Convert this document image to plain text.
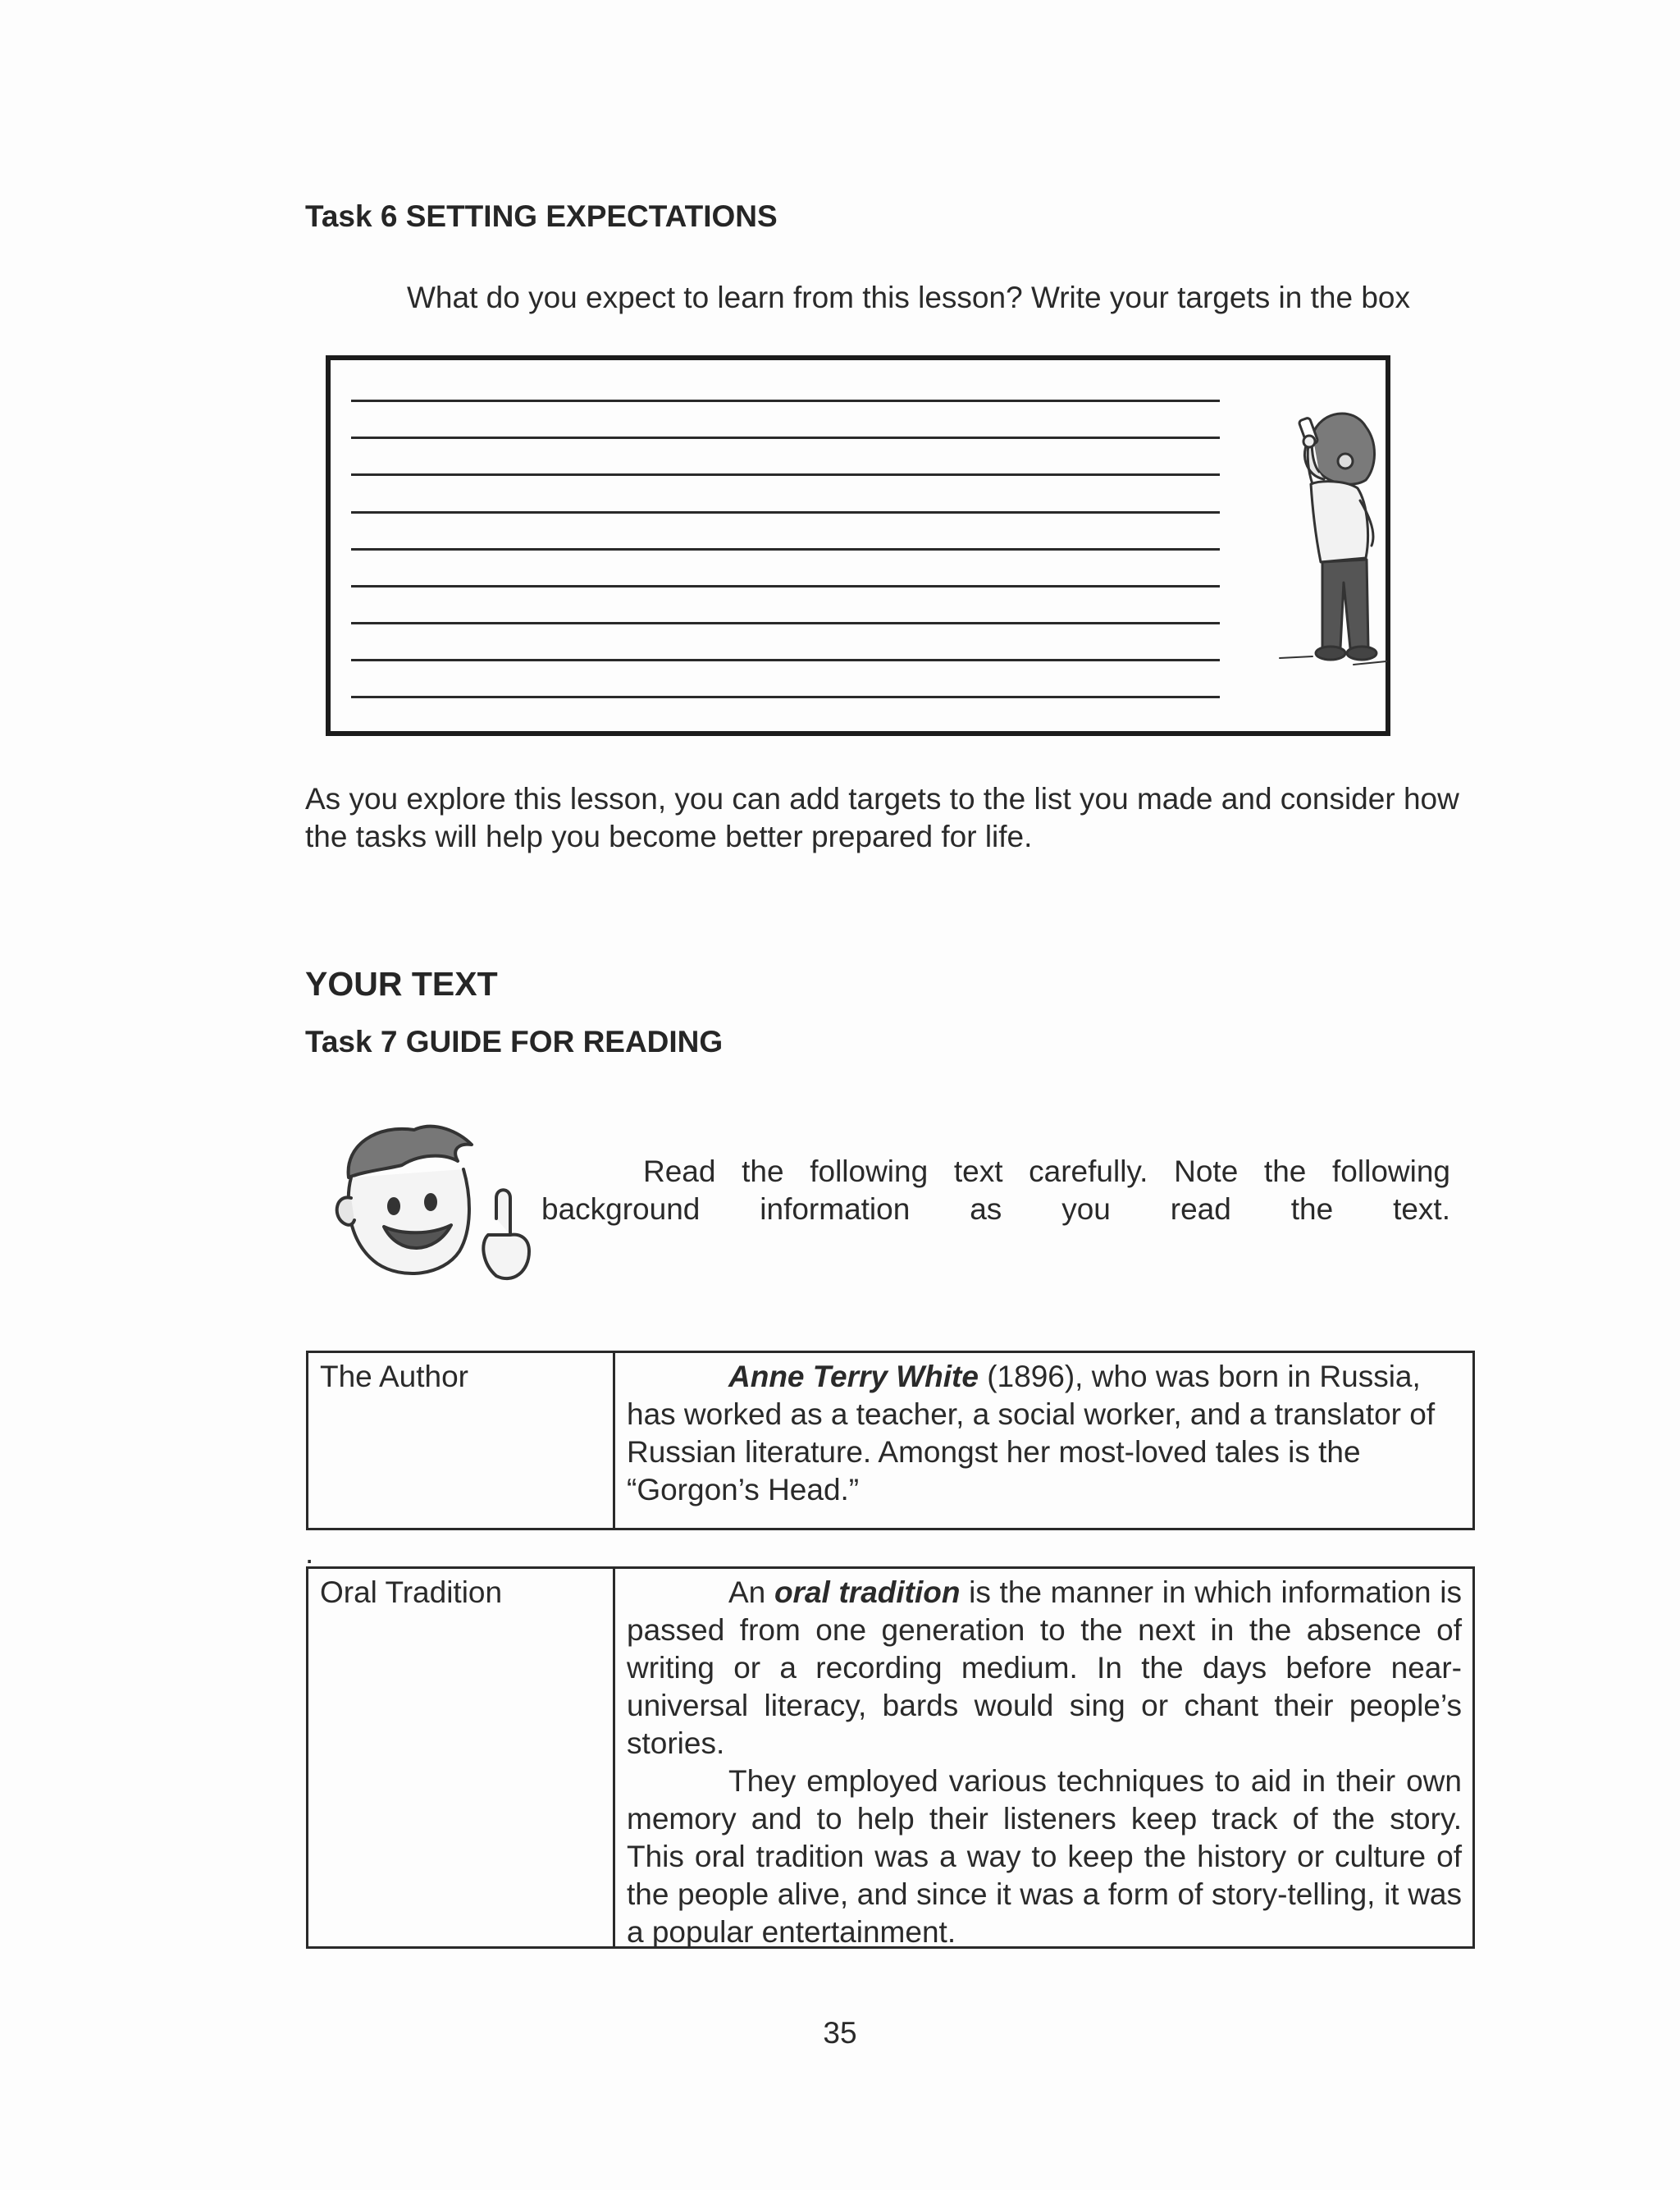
Task 6 SETTING EXPECTATIONS
What do you expect to learn from this lesson? Write your targets in the box
As you explore this lesson, you can add targets to the list you made and consider how the tasks will help you become better prepared for life.
YOUR TEXT
Task 7 GUIDE FOR READING
Read the following text carefully. Note the following background information as you read the text.
The Author	Anne Terry White (1896), who was born in Russia, has worked as a teacher, a social worker, and a translator of Russian literature. Amongst her most-loved tales is the “Gorgon’s Head.”
.
Oral Tradition	An oral tradition is the manner in which information is passed from one generation to the next in the absence of writing or a recording medium. In the days before near-universal literacy, bards would sing or chant their people’s stories.
They employed various techniques to aid in their own memory and to help their listeners keep track of the story. This oral tradition was a way to keep the history or culture of the people alive, and since it was a form of story-telling, it was a popular entertainment.
35
